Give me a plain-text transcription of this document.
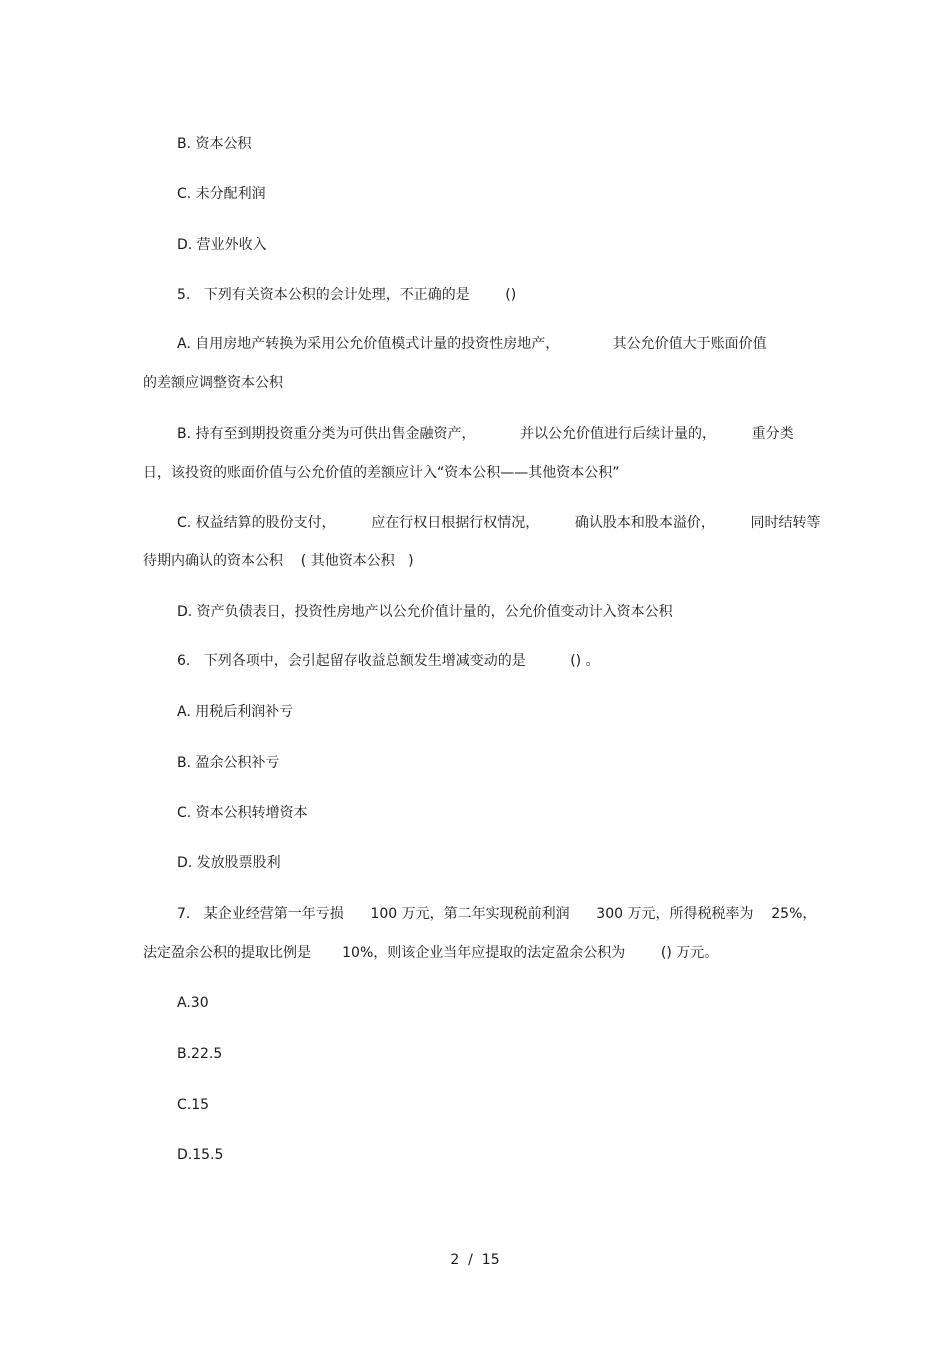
B. 资本公积
C. 未分配利润
D. 营业外收入
5.   下列有关资本公积的会计处理，不正确的是        ()
A. 自用房地产转换为采用公允价值模式计量的投资性房地产，            其公允价值大于账面价值
的差额应调整资本公积
B. 持有至到期投资重分类为可供出售金融资产，          并以公允价值进行后续计量的，        重分类
日，该投资的账面价值与公允价值的差额应计入“资本公积——其他资本公积”
C. 权益结算的股份支付，        应在行权日根据行权情况，        确认股本和股本溢价，        同时结转等
待期内确认的资本公积    ( 其他资本公积   )
D. 资产负债表日，投资性房地产以公允价值计量的，公允价值变动计入资本公积
6.   下列各项中，会引起留存收益总额发生增减变动的是          () 。
A. 用税后利润补亏
B. 盈余公积补亏
C. 资本公积转增资本
D. 发放股票股利
7.   某企业经营第一年亏损      100 万元，第二年实现税前利润      300 万元，所得税税率为    25%，
法定盈余公积的提取比例是       10%，则该企业当年应提取的法定盈余公积为        () 万元。
A.30
B.22.5
C.15
D.15.5
2  /  15
